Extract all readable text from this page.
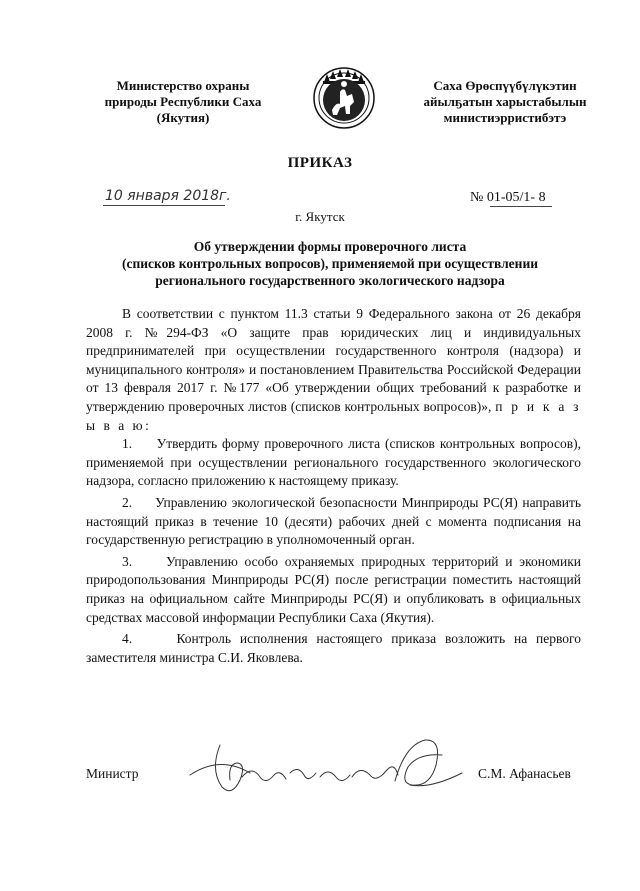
Министерство охраны
природы Республики Саха
(Якутия)
Саха Өрөспүүбүлүкэтин
айылҕатын харыстабылын
министиэрристибэтэ
ПРИКАЗ
10 января 2018г.	№ 01-05/1- 8
г. Якутск
Об утверждении формы проверочного листа
(списков контрольных вопросов), применяемой при осуществлении
регионального государственного экологического надзора

В соответствии с пунктом 11.3 статьи 9 Федерального закона от 26 декабря 2008 г. №294-ФЗ «О защите прав юридических лиц и индивидуальных предпринимателей при осуществлении государственного контроля (надзора) и муниципального контроля» и постановлением Правительства Российской Федерации от 13 февраля 2017 г. №177 «Об утверждении общих требований к разработке и утверждению проверочных листов (списков контрольных вопросов)», п р и к а з ы в а ю:

1.     Утвердить форму проверочного листа (списков контрольных вопросов), применяемой при осуществлении регионального государственного экологического надзора, согласно приложению к настоящему приказу.

2.     Управлению экологической безопасности Минприроды РС(Я) направить настоящий приказ в течение 10 (десяти) рабочих дней с момента подписания на государственную регистрацию в уполномоченный орган.

3.     Управлению особо охраняемых природных территорий и экономики природопользования Минприроды РС(Я) после регистрации поместить настоящий приказ на официальном сайте Минприроды РС(Я) и опубликовать в официальных средствах массовой информации Республики Саха (Якутия).

4.     Контроль исполнения настоящего приказа возложить на первого заместителя министра С.И. Яковлева.

Министр	С.М. Афанасьев
